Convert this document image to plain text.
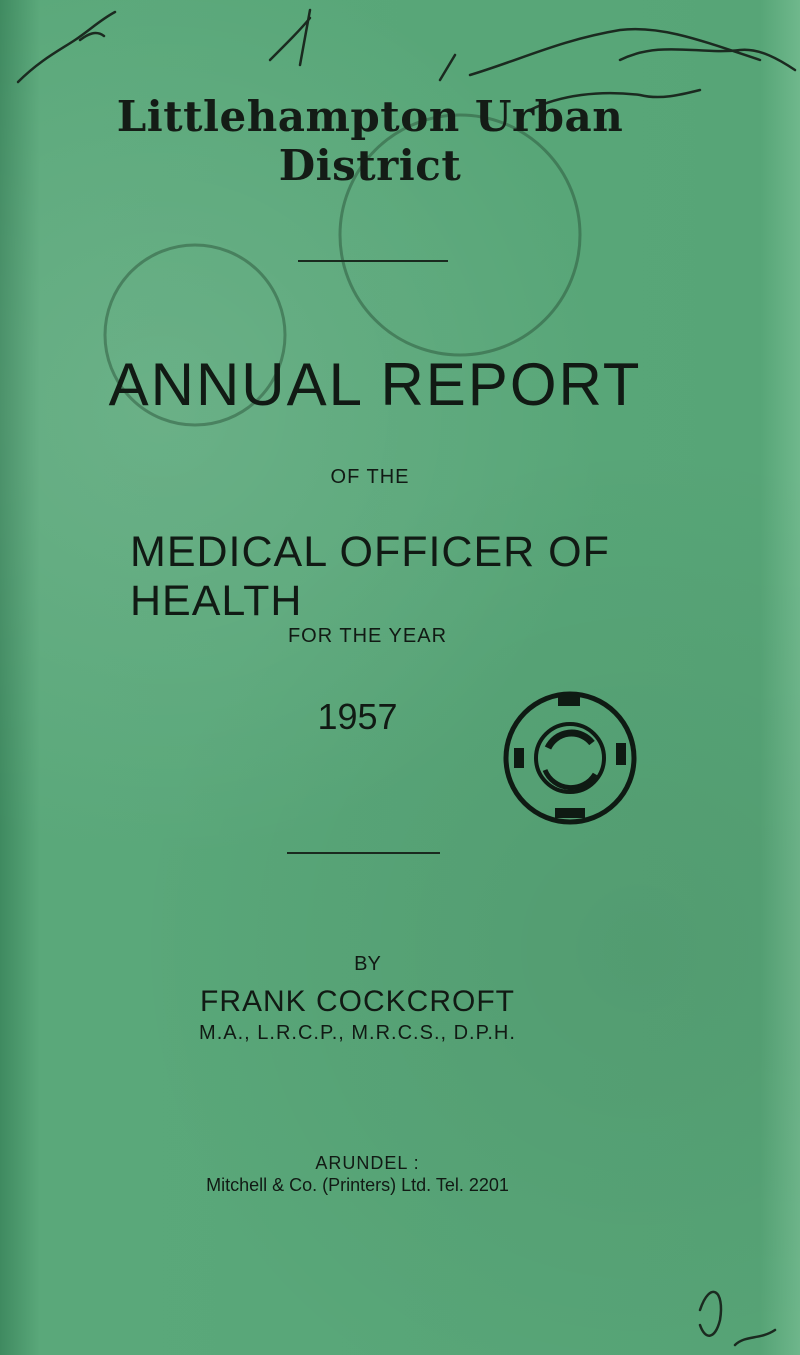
Littlehampton Urban District
ANNUAL REPORT
OF THE
MEDICAL OFFICER OF HEALTH
FOR THE YEAR
1957
BY
FRANK COCKCROFT
M.A., L.R.C.P., M.R.C.S., D.P.H.
ARUNDEL :
Mitchell & Co. (Printers) Ltd. Tel. 2201
